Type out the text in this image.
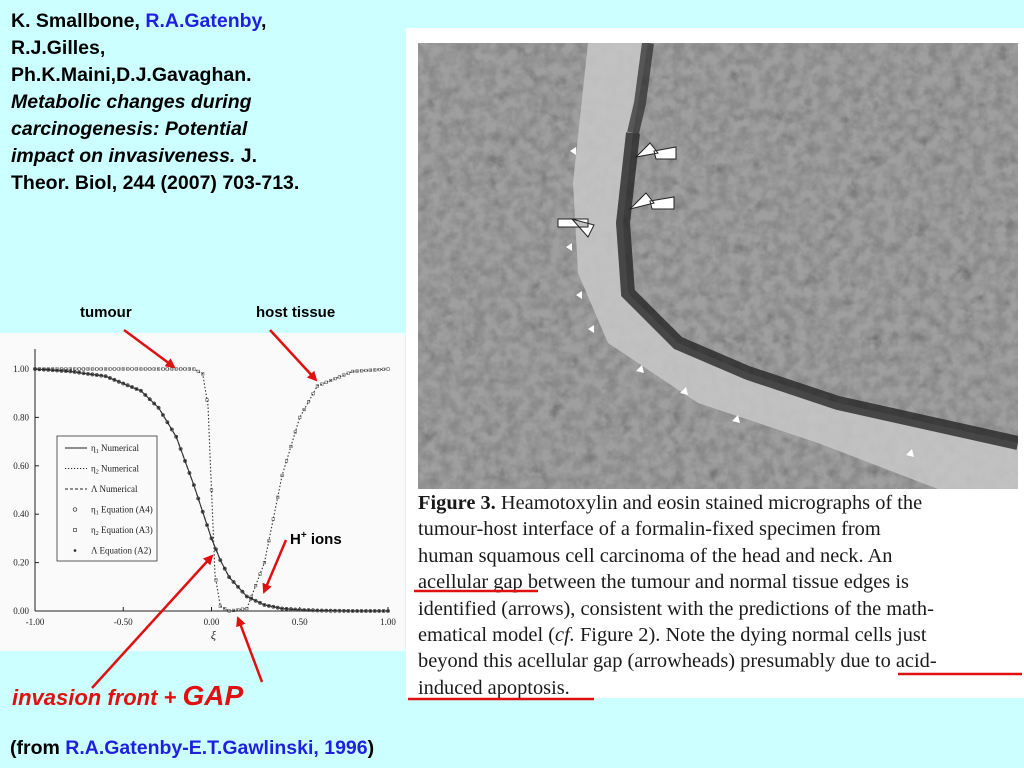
K. Smallbone, R.A.Gatenby,
R.J.Gilles,
Ph.K.Maini,D.J.Gavaghan.
Metabolic changes during
carcinogenesis: Potential
impact on invasiveness. J.
Theor. Biol, 244 (2007) 703-713.
tumour	host tissue
0.00
0.20
0.40
0.60
0.80
1.00
-1.00	-0.50	0.00	0.50	1.00
ξ
$\eta_1$ Numerical
$\eta_2$ Numerical
Λ Numerical
$\eta_1$ Equation (A4)
$\eta_2$ Equation (A3)
Λ Equation (A2)
H+ ions
Figure 3. Heamotoxylin and eosin stained micrographs of the
tumour-host interface of a formalin-fixed specimen from
human squamous cell carcinoma of the head and neck. An
acellular gap between the tumour and normal tissue edges is
identified (arrows), consistent with the predictions of the math-
ematical model (cf. Figure 2). Note the dying normal cells just
beyond this acellular gap (arrowheads) presumably due to acid-
induced apoptosis.
invasion front + GAP
(from R.A.Gatenby-E.T.Gawlinski, 1996)
